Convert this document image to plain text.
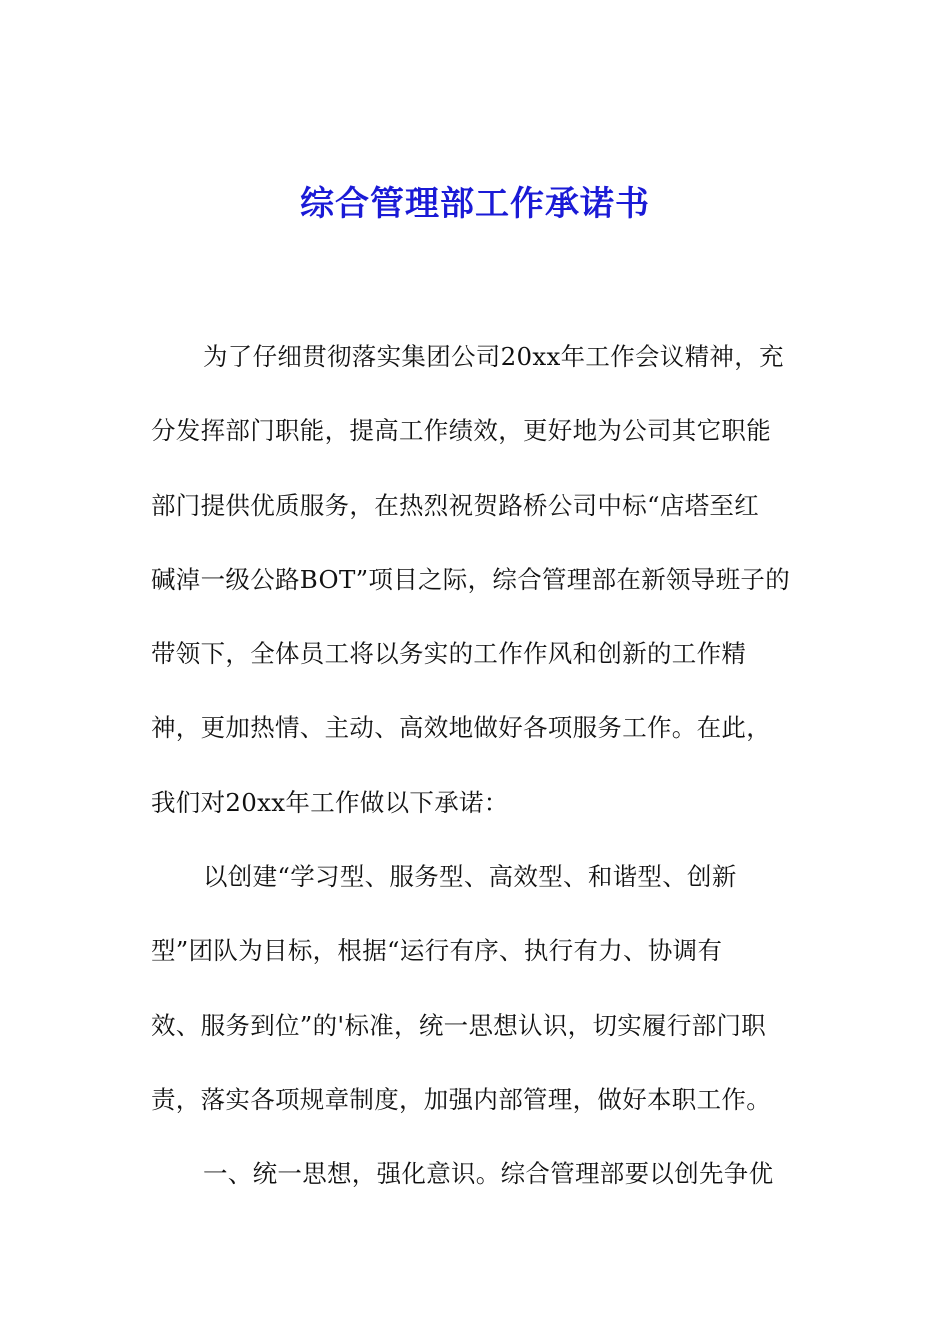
综合管理部工作承诺书
为了仔细贯彻落实集团公司20xx年工作会议精神，充
分发挥部门职能，提高工作绩效，更好地为公司其它职能
部门提供优质服务，在热烈祝贺路桥公司中标“店塔至红
碱淖一级公路BOT”项目之际，综合管理部在新领导班子的
带领下，全体员工将以务实的工作作风和创新的工作精
神，更加热情、主动、高效地做好各项服务工作。在此，
我们对20xx年工作做以下承诺：
以创建“学习型、服务型、高效型、和谐型、创新
型”团队为目标，根据“运行有序、执行有力、协调有
效、服务到位”的'标准，统一思想认识，切实履行部门职
责，落实各项规章制度，加强内部管理，做好本职工作。
一、统一思想，强化意识。综合管理部要以创先争优
